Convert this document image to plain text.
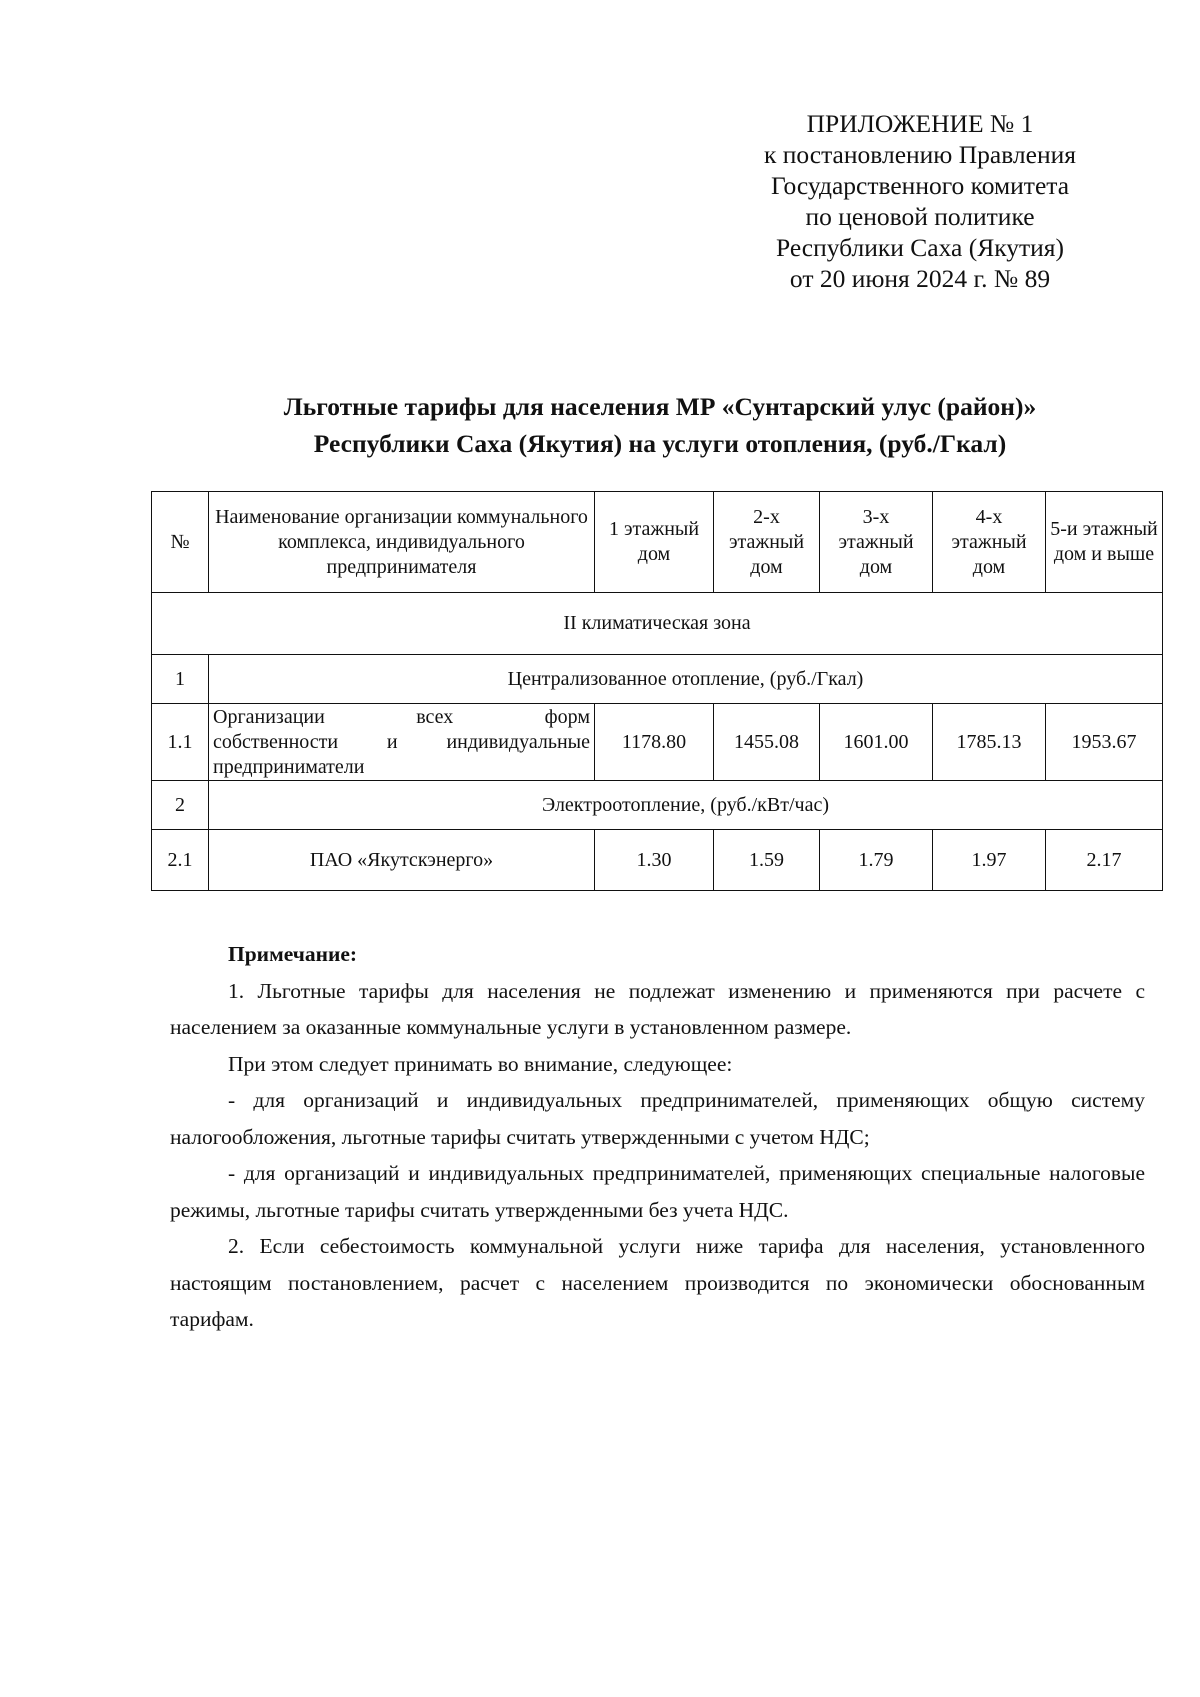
ПРИЛОЖЕНИЕ № 1
к постановлению Правления
Государственного комитета
по ценовой политике
Республики Саха (Якутия)
от 20 июня 2024 г. № 89
Льготные тарифы для населения МР «Сунтарский улус (район)»
Республики Саха (Якутия) на услуги отопления, (руб./Гкал)
№	Наименование организации коммунального комплекса, индивидуального предпринимателя	1 этажный дом	2-х этажный дом	3-х этажный дом	4-х этажный дом	5-и этажный дом и выше
II климатическая зона						
1	Централизованное отопление, (руб./Гкал)					
1.1	Организации всех форм
собственности и индивидуальные
предприниматели	1178.80	1455.08	1601.00	1785.13	1953.67
2	Электроотопление, (руб./кВт/час)					
2.1	ПАО «Якутскэнерго»	1.30	1.59	1.79	1.97	2.17
Примечание:

1. Льготные тарифы для населения не подлежат изменению и применяются при расчете с населением за оказанные коммунальные услуги в установленном размере.

При этом следует принимать во внимание, следующее:

- для организаций и индивидуальных предпринимателей, применяющих общую систему налогообложения, льготные тарифы считать утвержденными с учетом НДС;

- для организаций и индивидуальных предпринимателей, применяющих специальные налоговые режимы, льготные тарифы считать утвержденными без учета НДС.

2. Если себестоимость коммунальной услуги ниже тарифа для населения, установленного настоящим постановлением, расчет с населением производится по экономически обоснованным тарифам.
